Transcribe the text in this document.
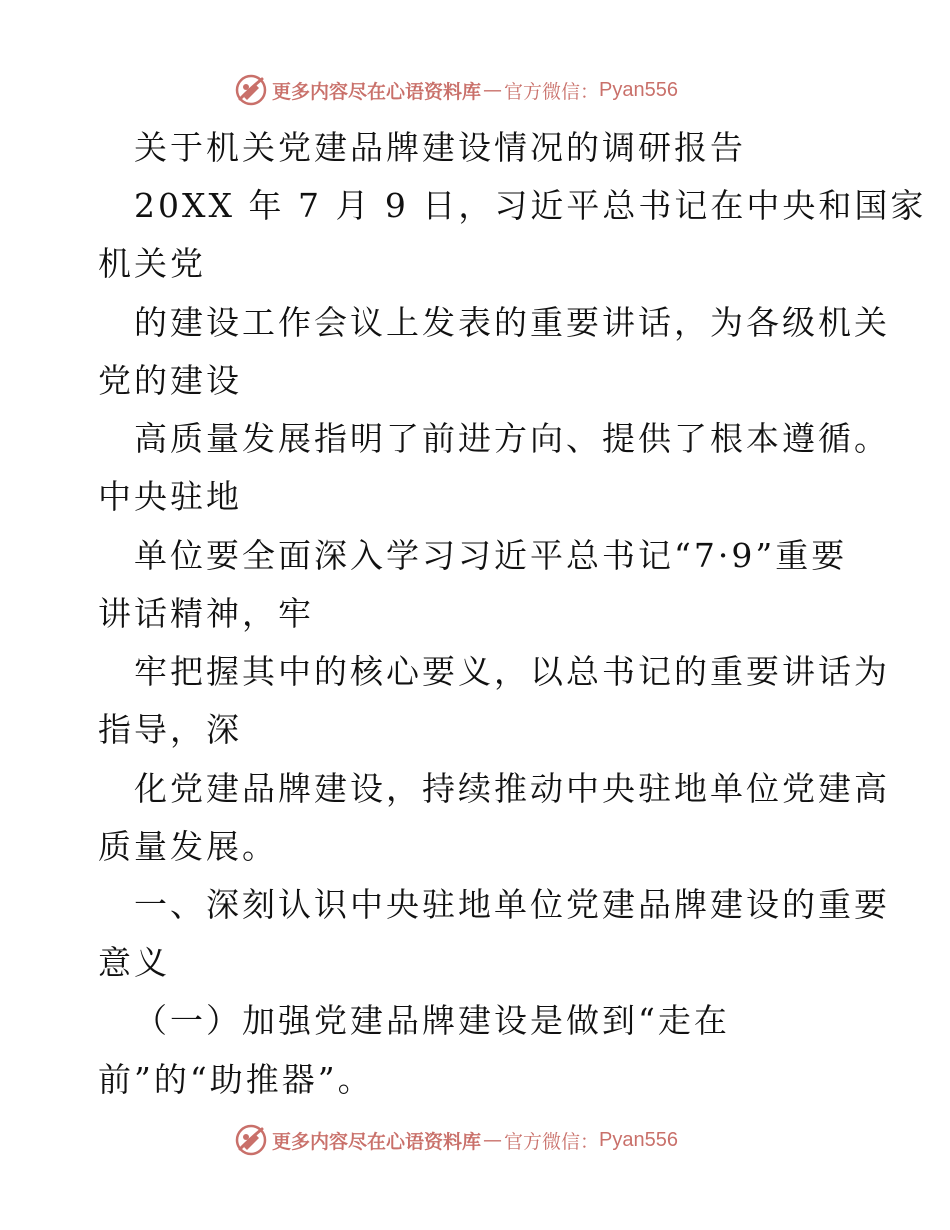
更多内容尽在心语资料库 — 官方微信： Pyan556
关于机关党建品牌建设情况的调研报告
20XX 年 7 月 9 日，习近平总书记在中央和国家
机关党
的建设工作会议上发表的重要讲话，为各级机关
党的建设
高质量发展指明了前进方向、提供了根本遵循。
中央驻地
单位要全面深入学习习近平总书记“7·9”重要
讲话精神，牢
牢把握其中的核心要义，以总书记的重要讲话为
指导，深
化党建品牌建设，持续推动中央驻地单位党建高
质量发展。
一、深刻认识中央驻地单位党建品牌建设的重要
意义
（一）加强党建品牌建设是做到“走在
前”的“助推器”。
更多内容尽在心语资料库 — 官方微信： Pyan556
